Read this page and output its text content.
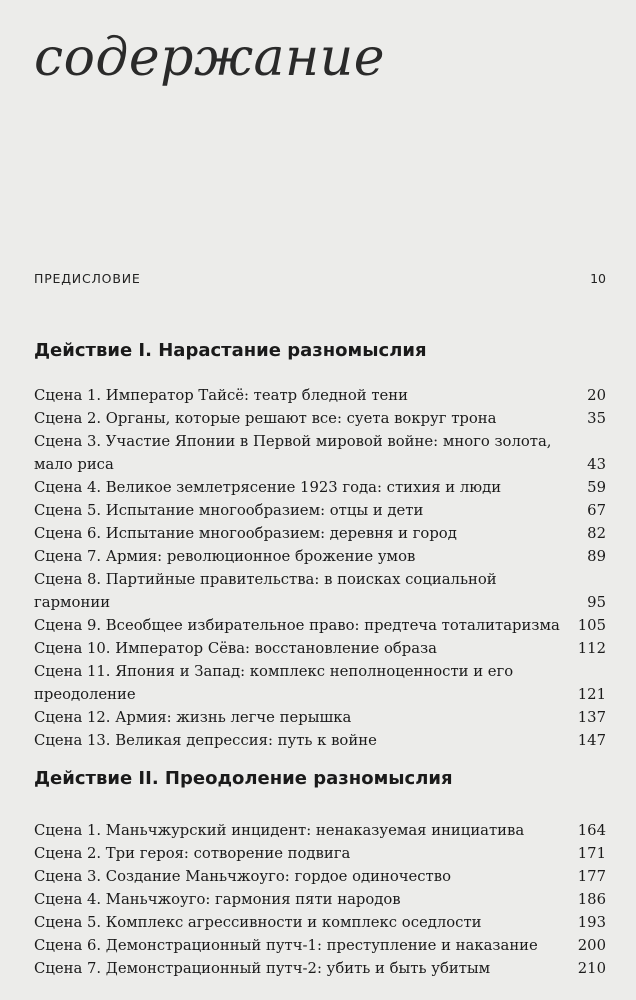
содержание
ПРЕДИСЛОВИЕ	10
Действие I. Нарастание разномыслия
Сцена 1. Император Тайсё: театр бледной тени	20
Сцена 2. Органы, которые решают все: суета вокруг трона	35
Сцена 3. Участие Японии в Первой мировой войне: много золота,
мало риса	43
Сцена 4. Великое землетрясение 1923 года: стихия и люди	59
Сцена 5. Испытание многообразием: отцы и дети	67
Сцена 6. Испытание многообразием: деревня и город	82
Сцена 7. Армия: революционное брожение умов	89
Сцена 8. Партийные правительства: в поисках социальной
гармонии	95
Сцена 9. Всеобщее избирательное право: предтеча тоталитаризма	105
Сцена 10. Император Сёва: восстановление образа	112
Сцена 11. Япония и Запад: комплекс неполноценности и его
преодоление	121
Сцена 12. Армия: жизнь легче перышка	137
Сцена 13. Великая депрессия: путь к войне	147
Действие II. Преодоление разномыслия
Сцена 1. Маньчжурский инцидент: ненаказуемая инициатива	164
Сцена 2. Три героя: сотворение подвига	171
Сцена 3. Создание Маньчжоуго: гордое одиночество	177
Сцена 4. Маньчжоуго: гармония пяти народов	186
Сцена 5. Комплекс агрессивности и комплекс оседлости	193
Сцена 6. Демонстрационный путч-1: преступление и наказание	200
Сцена 7. Демонстрационный путч-2: убить и быть убитым	210
